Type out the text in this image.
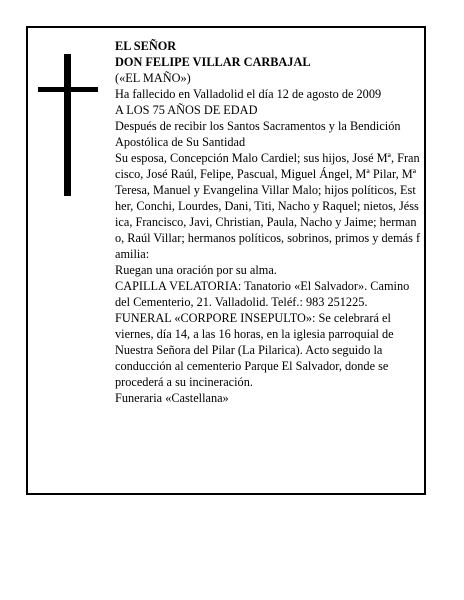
EL SEÑOR
DON FELIPE VILLAR CARBAJAL
(«EL MAÑO»)
Ha fallecido en Valladolid el día 12 de agosto de 2009
A LOS 75 AÑOS DE EDAD
Después de recibir los Santos Sacramentos y la Bendición Apostólica de Su Santidad
Su esposa, Concepción Malo Cardiel; sus hijos, José Mª, Francisco, José Raúl, Felipe, Pascual, Miguel Ángel, Mª Pilar, Mª Teresa, Manuel y Evangelina Villar Malo; hijos políticos, Esther, Conchi, Lourdes, Dani, Titi, Nacho y Raquel; nietos, Jéssica, Francisco, Javi, Christian, Paula, Nacho y Jaime; hermano, Raúl Villar; hermanos políticos, sobrinos, primos y demás familia:
Ruegan una oración por su alma.
CAPILLA VELATORIA: Tanatorio «El Salvador». Camino del Cementerio, 21. Valladolid. Teléf.: 983 251225.
FUNERAL «CORPORE INSEPULTO»: Se celebrará el viernes, día 14, a las 16 horas, en la iglesia parroquial de Nuestra Señora del Pilar (La Pilarica). Acto seguido la conducción al cementerio Parque El Salvador, donde se procederá a su incineración.
Funeraria «Castellana»
